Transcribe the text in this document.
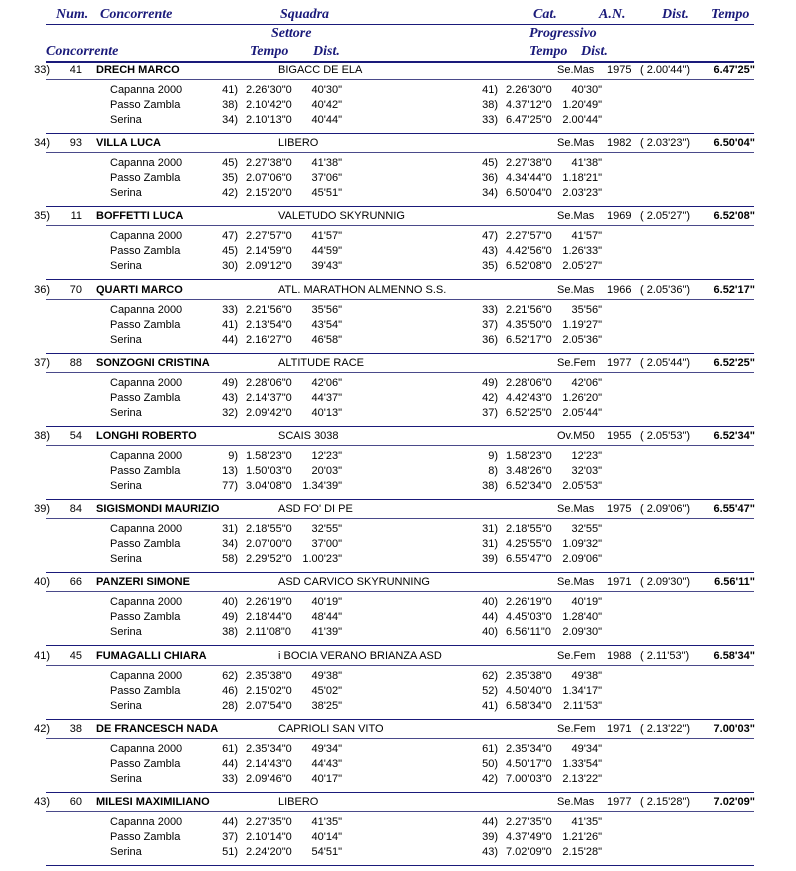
Num. Concorrente	Squadra	Cat.	A.N.	Dist. Tempo
Settore	Progressivo
Concorrente	Tempo Dist.	Tempo Dist.
33)	41 DRECH MARCO	BIGACC DE ELA	Se.Mas 1975 ( 2.00'44")	6.47'25"
Capanna 2000	41) 2.26'30"0	40'30"	41) 2.26'30"0	40'30"
Passo Zambla	38) 2.10'42"0	40'42"	38) 4.37'12"0 1.20'49"
Serina	34) 2.10'13"0	40'44"	33) 6.47'25"0 2.00'44"
34)	93 VILLA LUCA	LIBERO	Se.Mas 1982 ( 2.03'23")	6.50'04"
Capanna 2000	45) 2.27'38"0	41'38"	45) 2.27'38"0	41'38"
Passo Zambla	35) 2.07'06"0	37'06"	36) 4.34'44"0 1.18'21"
Serina	42) 2.15'20"0	45'51"	34) 6.50'04"0 2.03'23"
35)	11 BOFFETTI LUCA	VALETUDO SKYRUNNIG	Se.Mas 1969 ( 2.05'27")	6.52'08"
Capanna 2000	47) 2.27'57"0	41'57"	47) 2.27'57"0	41'57"
Passo Zambla	45) 2.14'59"0	44'59"	43) 4.42'56"0 1.26'33"
Serina	30) 2.09'12"0	39'43"	35) 6.52'08"0 2.05'27"
36)	70 QUARTI MARCO	ATL. MARATHON ALMENNO S.S.	Se.Mas 1966 ( 2.05'36")	6.52'17"
Capanna 2000	33) 2.21'56"0	35'56"	33) 2.21'56"0	35'56"
Passo Zambla	41) 2.13'54"0	43'54"	37) 4.35'50"0 1.19'27"
Serina	44) 2.16'27"0	46'58"	36) 6.52'17"0 2.05'36"
37)	88 SONZOGNI CRISTINA	ALTITUDE RACE	Se.Fem 1977 ( 2.05'44")	6.52'25"
Capanna 2000	49) 2.28'06"0	42'06"	49) 2.28'06"0	42'06"
Passo Zambla	43) 2.14'37"0	44'37"	42) 4.42'43"0 1.26'20"
Serina	32) 2.09'42"0	40'13"	37) 6.52'25"0 2.05'44"
38)	54 LONGHI ROBERTO	SCAIS 3038	Ov.M50 1955 ( 2.05'53")	6.52'34"
Capanna 2000	9) 1.58'23"0	12'23"	9) 1.58'23"0	12'23"
Passo Zambla	13) 1.50'03"0	20'03"	8) 3.48'26"0	32'03"
Serina	77) 3.04'08"0 1.34'39"	38) 6.52'34"0 2.05'53"
39)	84 SIGISMONDI MAURIZIO	ASD FO' DI PE	Se.Mas 1975 ( 2.09'06")	6.55'47"
Capanna 2000	31) 2.18'55"0	32'55"	31) 2.18'55"0	32'55"
Passo Zambla	34) 2.07'00"0	37'00"	31) 4.25'55"0 1.09'32"
Serina	58) 2.29'52"0 1.00'23"	39) 6.55'47"0 2.09'06"
40)	66 PANZERI SIMONE	ASD CARVICO SKYRUNNING	Se.Mas 1971 ( 2.09'30")	6.56'11"
Capanna 2000	40) 2.26'19"0	40'19"	40) 2.26'19"0	40'19"
Passo Zambla	49) 2.18'44"0	48'44"	44) 4.45'03"0 1.28'40"
Serina	38) 2.11'08"0	41'39"	40) 6.56'11"0	2.09'30"
41)	45 FUMAGALLI CHIARA	i BOCIA VERANO BRIANZA ASD	Se.Fem 1988 ( 2.11'53")	6.58'34"
Capanna 2000	62) 2.35'38"0	49'38"	62) 2.35'38"0	49'38"
Passo Zambla	46) 2.15'02"0	45'02"	52) 4.50'40"0 1.34'17"
Serina	28) 2.07'54"0	38'25"	41) 6.58'34"0	2.11'53"
42)	38 DE FRANCESCH NADA	CAPRIOLI SAN VITO	Se.Fem 1971 ( 2.13'22")	7.00'03"
Capanna 2000	61) 2.35'34"0	49'34"	61) 2.35'34"0	49'34"
Passo Zambla	44) 2.14'43"0	44'43"	50) 4.50'17"0 1.33'54"
Serina	33) 2.09'46"0	40'17"	42) 7.00'03"0 2.13'22"
43)	60 MILESI MAXIMILIANO	LIBERO	Se.Mas 1977 ( 2.15'28")	7.02'09"
Capanna 2000	44) 2.27'35"0	41'35"	44) 2.27'35"0	41'35"
Passo Zambla	37) 2.10'14"0	40'14"	39) 4.37'49"0 1.21'26"
Serina	51) 2.24'20"0	54'51"	43) 7.02'09"0 2.15'28"
